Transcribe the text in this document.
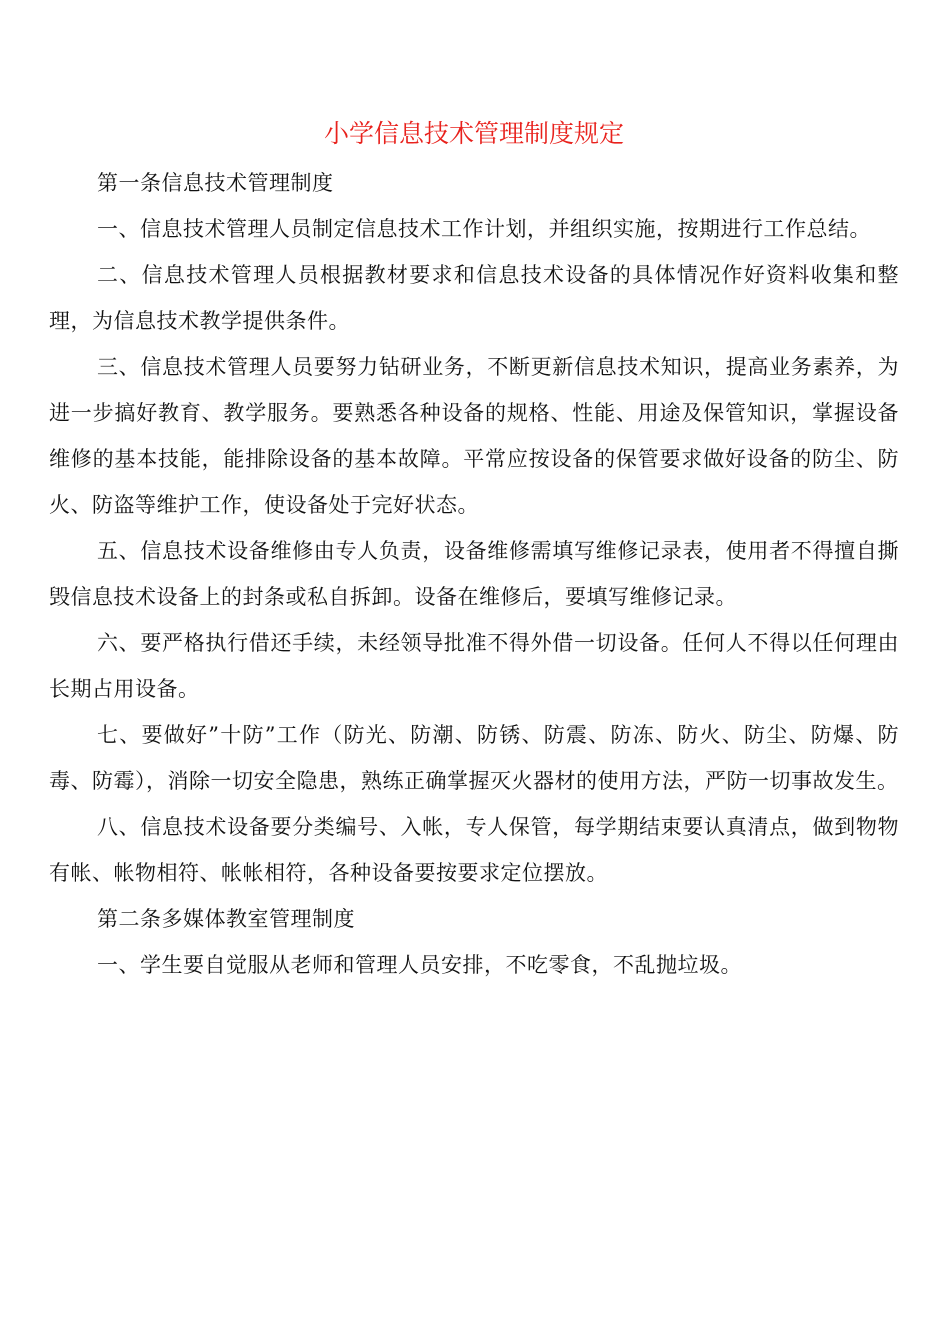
小学信息技术管理制度规定

第一条信息技术管理制度

一、信息技术管理人员制定信息技术工作计划，并组织实施，按期进行工作总结。

二、信息技术管理人员根据教材要求和信息技术设备的具体情况作好资料收集和整理，为信息技术教学提供条件。

三、信息技术管理人员要努力钻研业务，不断更新信息技术知识，提高业务素养，为进一步搞好教育、教学服务。要熟悉各种设备的规格、性能、用途及保管知识，掌握设备维修的基本技能，能排除设备的基本故障。平常应按设备的保管要求做好设备的防尘、防火、防盗等维护工作，使设备处于完好状态。

五、信息技术设备维修由专人负责，设备维修需填写维修记录表，使用者不得擅自撕毁信息技术设备上的封条或私自拆卸。设备在维修后，要填写维修记录。

六、要严格执行借还手续，未经领导批准不得外借一切设备。任何人不得以任何理由长期占用设备。

七、要做好”十防”工作（防光、防潮、防锈、防震、防冻、防火、防尘、防爆、防毒、防霉），消除一切安全隐患，熟练正确掌握灭火器材的使用方法，严防一切事故发生。

八、信息技术设备要分类编号、入帐，专人保管，每学期结束要认真清点，做到物物有帐、帐物相符、帐帐相符，各种设备要按要求定位摆放。

第二条多媒体教室管理制度

一、学生要自觉服从老师和管理人员安排，不吃零食，不乱抛垃圾。
